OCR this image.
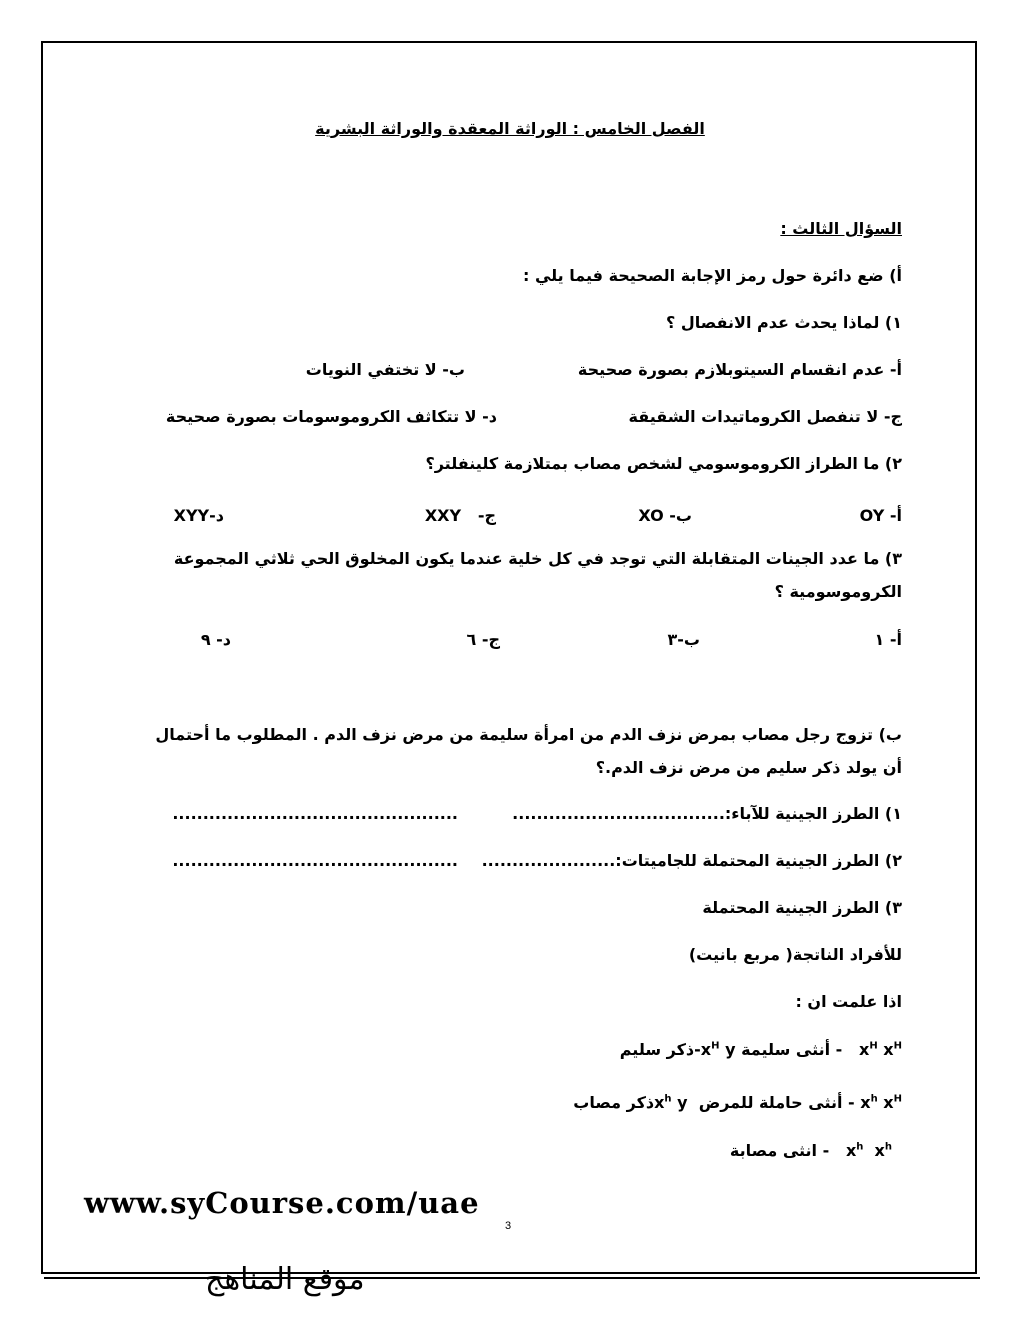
الفصل الخامس : الوراثة المعقدة والوراثة البشرية
السؤال الثالث :
أ) ضع دائرة حول رمز الإجابة الصحيحة فيما يلي :
١) لماذا يحدث عدم الانفصال ؟
أ- عدم انقسام السيتوبلازم بصورة صحيحة
ب- لا تختفي النويات
ج- لا تنفصل الكروماتيدات الشقيقة
د- لا تتكاثف الكروموسومات بصورة صحيحة
٢) ما الطراز الكروموسومي لشخص مصاب بمتلازمة كلينفلتر؟
أ- OY
ب- XO
ج-   XXY
د-XYY
٣) ما عدد الجينات المتقابلة التي توجد في كل خلية عندما يكون المخلوق الحي ثلاثي المجموعة
الكروموسومية ؟
أ- ١
ب-٣
ج- ٦
د- ٩
ب) تزوج رجل مصاب بمرض نزف الدم من امرأة سليمة من مرض نزف الدم . المطلوب ما أحتمال
أن يولد ذكر سليم من مرض نزف الدم.؟
١) الطرز الجينية للآباء:...................................
...............................................
٢) الطرز الجينية المحتملة للجاميتات:......................
...............................................
٣) الطرز الجينية المحتملة
للأفراد الناتجة( مربع بانيت)
اذا علمت ان :
$x^H$ $x^H$   - أنثى سليمة $x^H$ y-ذكر سليم
$x^h$ $x^H$ - أنثى حاملة للمرض  $x^h$ yذكر مصاب
$x^h$ $x^h$   - انثى مصابة
www.syCourse.com/uae
3
موقع المناهج
